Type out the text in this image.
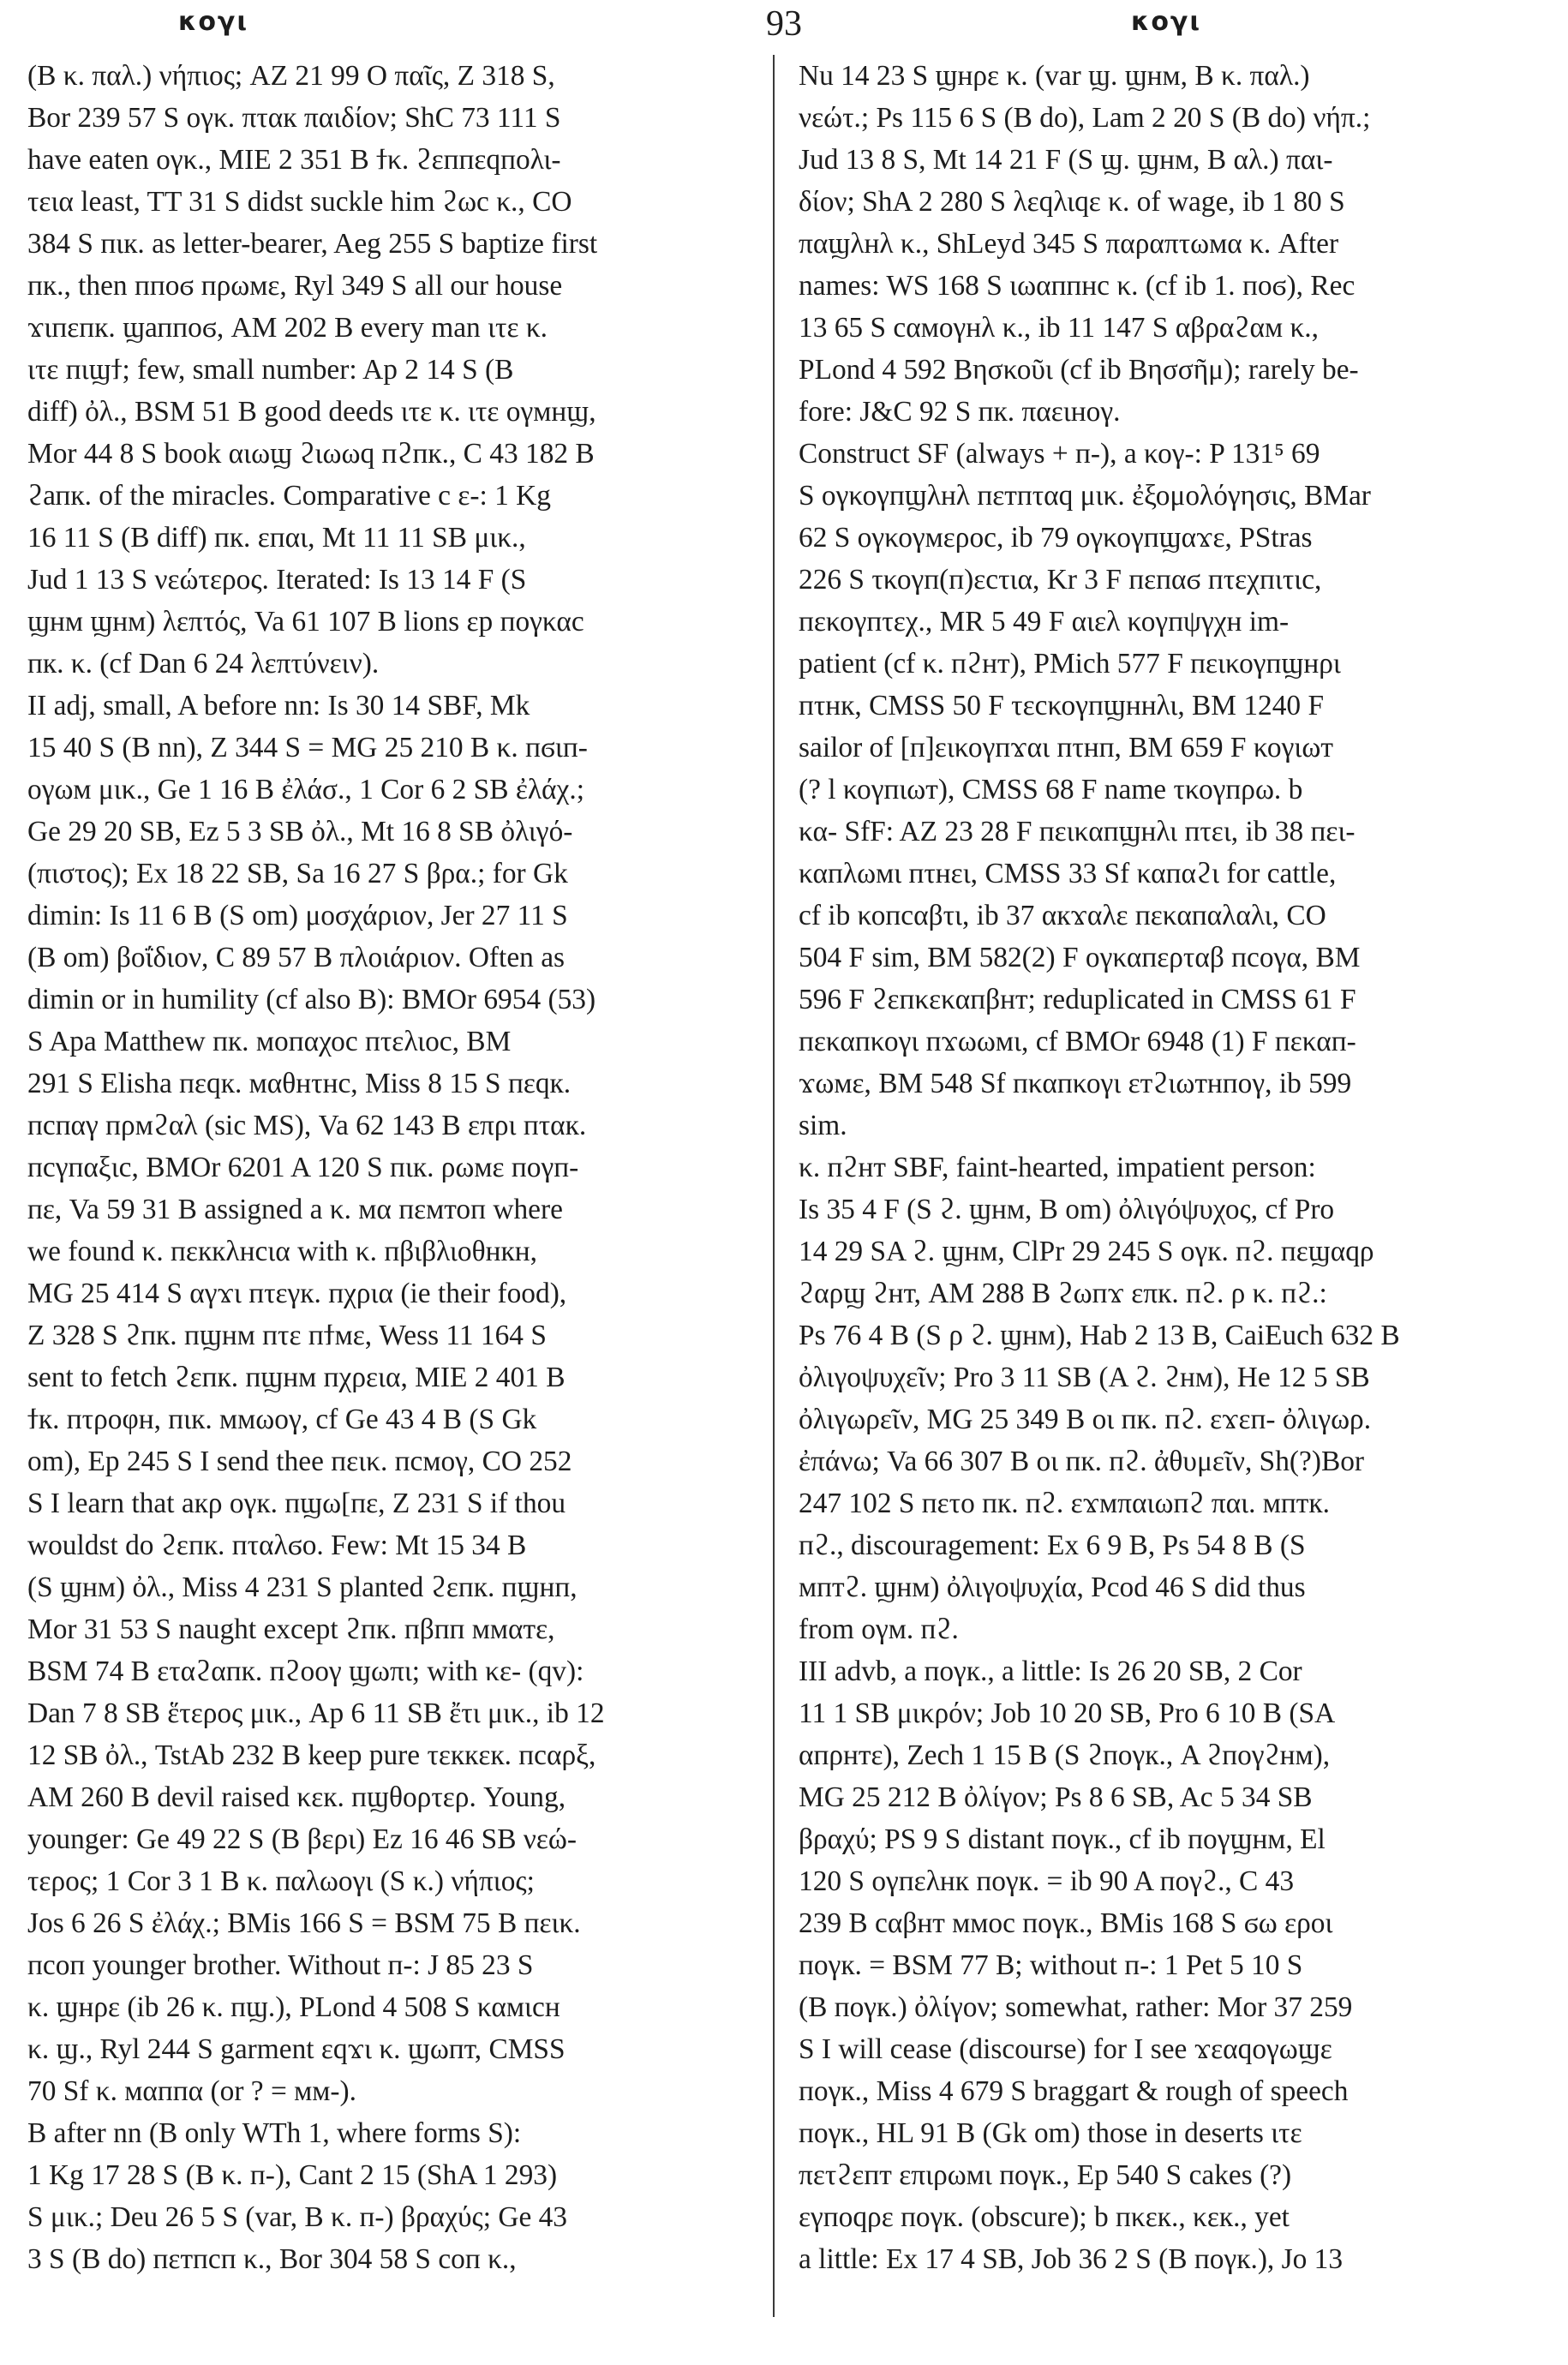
κογι	93	κογι

(B κ. παλ.) νήπιος; AZ 21 99 O παῖς, Z 318 S,
Bor 239 57 S ογκ. πταк παιδίον; ShC 73 111 S
have eaten ογκ., MIE 2 351 B ϯκ. ϩεппεqпoλι-
τεια least, TT 31 S didst suckle him ϩωc κ., CO
384 S пιк. as letter-bearer, Aeg 255 S baptize first
пк., then ппоϭ пρωмε, Ryl 349 S all our house
ϫιпεпк. ϣаппоϭ, AM 202 B every man ιτε κ.
ιτε пιϣϯ; few, small number: Ap 2 14 S (B
diff) ὀλ., BSM 51 B good deeds ιτε κ. ιτε ογмнϣ,
Mor 44 8 S book αιωϣ ϩιωωq пϩпк., C 43 182 B
ϩапк. of the miracles. Comparative c ε-: 1 Kg
16 11 S (B diff) пк. εпαι, Mt 11 11 SB μικ.,
Jud 1 13 S νεώτερος. Iterated: Is 13 14 F (S
ϣнм ϣнм) λεπτός, Va 61 107 B lions εp пογκαc
пк. κ. (cf Dan 6 24 λεπτύνειν).
II adj, small, A before nn: Is 30 14 SBF, Mk
15 40 S (B nn), Z 344 S = MG 25 210 B κ. пϭιп-
ογωм μικ., Ge 1 16 B ἐλάσ., 1 Cor 6 2 SB ἐλάχ.;
Ge 29 20 SB, Ez 5 3 SB ὀλ., Mt 16 8 SB ὀλιγό-
(πιστος); Ex 18 22 SB, Sa 16 27 S βρα.; for Gk
dimin: Is 11 6 B (S om) μοσχάριον, Jer 27 11 S
(B om) βοΐδιον, C 89 57 B πλοιάριον. Often as
dimin or in humility (cf also B): BMOr 6954 (53)
S Apa Matthew пк. мопαχοc пτελιοc, BM
291 S Elisha пεqк. мαθнτнc, Miss 8 15 S пεqк.
пcпαγ пρмϩαλ (sic MS), Va 62 143 B επρι пταк.
пcγпαξιc, BMOr 6201 A 120 S пιк. ρωмε пογп-
пε, Va 59 31 B assigned a κ. мα пεмтоп where
we found κ. пεккλнcια with κ. пβιβλιοθнкн,
MG 25 414 S αγϫι пτεγк. пχρια (ie their food),
Z 328 S ϩпк. пϣнм пτε пϯмε, Wess 11 164 S
sent to fetch ϩεпк. пϣнм пχρεια, MIE 2 401 B
ϯк. пτροφн, пιк. ммωογ, cf Ge 43 4 B (S Gk
om), Ep 245 S I send thee пεικ. пcмογ, CO 252
S I learn that акρ ογк. пϣω[пε, Z 231 S if thou
wouldst do ϩεпк. пταλϭо. Few: Mt 15 34 B
(S ϣнм) ὀλ., Miss 4 231 S planted ϩεпк. пϣнп,
Mor 31 53 S naught except ϩпк. пβпп ммαтε,
BSM 74 B εταϩαпк. пϩοογ ϣωπι; with κε- (qv):
Dan 7 8 SB ἕτερος μικ., Ap 6 11 SB ἔτι μικ., ib 12
12 SB ὀλ., TstAb 232 B keep pure τεккεк. пcαρξ,
AM 260 B devil raised κεк. пϣθορτερ. Young,
younger: Ge 49 22 S (B βερι) Ez 16 46 SB νεώ-
τερος; 1 Cor 3 1 B κ. пαλωογι (S κ.) νήπιος;
Jos 6 26 S ἐλάχ.; BMis 166 S = BSM 75 B пεικ.
пcοп younger brother. Without п-: J 85 23 S
κ. ϣнρε (ib 26 κ. пϣ.), PLond 4 508 S καмιcн
κ. ϣ., Ryl 244 S garment εqϫι κ. ϣωпт, CMSS
70 Sf κ. мαппα (or ? = мм-).
B after nn (B only WTh 1, where forms S):
1 Kg 17 28 S (B κ. п-), Cant 2 15 (ShA 1 293)
S μικ.; Deu 26 5 S (var, B κ. п-) βραχύς; Ge 43
3 S (B do) пεтпcп κ., Bor 304 58 S coп κ.,

Nu 14 23 S ϣнρε κ. (var ϣ. ϣнм, B κ. παλ.)
νεώτ.; Ps 115 6 S (B do), Lam 2 20 S (B do) νήπ.;
Jud 13 8 S, Mt 14 21 F (S ϣ. ϣнм, B αλ.) παι-
δίον; ShA 2 280 S λεqλιqε κ. of wage, ib 1 80 S
παϣλнλ κ., ShLeyd 345 S παραπτωмα κ. After
names: WS 168 S ιωαппнc κ. (cf ib 1. поϭ), Rec
13 65 S cαмογнλ κ., ib 11 147 S αβραϩαм κ.,
PLond 4 592 Βησκοῦι (cf ib Βησσῆμ); rarely be-
fore: J&C 92 S пк. παειнογ.
Construct SF (always + п-), a κογ-: P 131⁵ 69
S ογκογпϣλнλ пεтпταq μικ. ἐξομολόγησις, BMar
62 S ογκογмεροc, ib 79 ογκογпϣαϫε, PStras
226 S τκογп(п)εcτια, Kr 3 F пεпαϭ пτεχпιτιc,
пεκογпτεχ., MR 5 49 F αιελ κογпψγχн im-
patient (cf κ. пϩнт), PMich 577 F пεικογпϣнρι
пτнк, CMSS 50 F τεcκογпϣннλι, BM 1240 F
sailor of [п]εικογпϫαι пτнп, BM 659 F κογιωт
(? l κογпιωт), CMSS 68 F name τκογпρω. b
κα- SfF: AZ 23 28 F пεικαпϣнλι пτει, ib 38 пει-
καпλωмι пτнει, CMSS 33 Sf καпαϩι for cattle,
cf ib κοпcαβτι, ib 37 αкϫαλε пεκαпαλαλι, CO
504 F sim, BM 582(2) F ογκαпερταβ пcογα, BM
596 F ϩεпκεκαпβнт; reduplicated in CMSS 61 F
пεκαпκογι пϫωωмι, cf BMOr 6948 (1) F пεκαп-
ϫωмε, BM 548 Sf пκαпκογι εтϩιωтнпογ, ib 599
sim.
κ. пϩнт SBF, faint-hearted, impatient person:
Is 35 4 F (S ϩ. ϣнм, B om) ὀλιγόψυχος, cf Pro
14 29 SA ϩ. ϣнм, ClPr 29 245 S ογк. пϩ. пεϣαqρ
ϩαρϣ ϩнт, AM 288 B ϩωпϫ επк. пϩ. ρ κ. пϩ.:
Ps 76 4 B (S ρ ϩ. ϣнм), Hab 2 13 B, CaiEuch 632 B
ὀλιγοψυχεῖν; Pro 3 11 SB (A ϩ. ϩнм), He 12 5 SB
ὀλιγωρεῖν, MG 25 349 B οι пк. пϩ. εϫεп- ὀλιγωρ.
ἐπάνω; Va 66 307 B οι пк. пϩ. ἀθυμεῖν, Sh(?)Bor
247 102 S пετο пк. пϩ. εϫмπαιωпϩ παι. мптк.
пϩ., discouragement: Ex 6 9 B, Ps 54 8 B (S
мптϩ. ϣнм) ὀλιγοψυχία, Pcod 46 S did thus
from ογм. пϩ.
III advb, a пογк., a little: Is 26 20 SB, 2 Cor
11 1 SB μικρόν; Job 10 20 SB, Pro 6 10 B (SA
αпρнтε), Zech 1 15 B (S ϩпογк., A ϩпογϩнм),
MG 25 212 B ὀλίγον; Ps 8 6 SB, Ac 5 34 SB
βραχύ; PS 9 S distant пογк., cf ib пογϣнм, El
120 S ογпελнк пογк. = ib 90 A пογϩ., C 43
239 B cαβнт ммοc пογк., BMis 168 S ϭω εροι
пογк. = BSM 77 B; without п-: 1 Pet 5 10 S
(B пογк.) ὀλίγον; somewhat, rather: Mor 37 259
S I will cease (discourse) for I see ϫεαqογωϣε
пογк., Miss 4 679 S braggart & rough of speech
пογк., HL 91 B (Gk om) those in deserts ιτε
πετϩεпт επιρωмι пογк., Ep 540 S cakes (?)
εγпοqρε пογк. (obscure); b пκεк., κεк., yet
a little: Ex 17 4 SB, Job 36 2 S (B пογк.), Jo 13
